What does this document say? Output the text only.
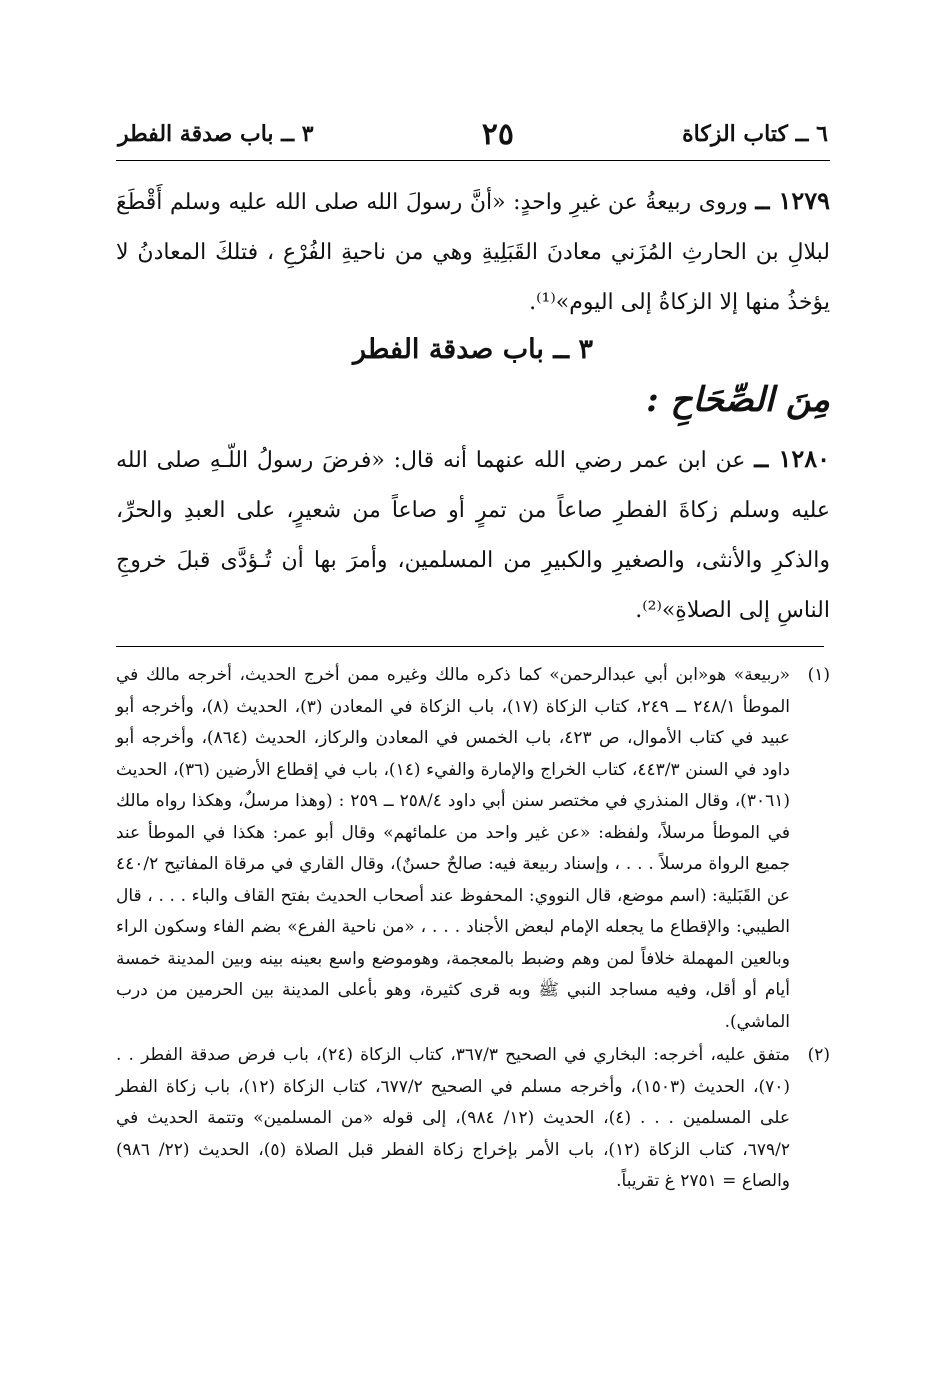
٦ ــ كتاب الزكاة
٢٥
٣ ــ باب صدقة الفطر
١٢٧٩ ــ وروى ربيعةُ عن غيرِ واحدٍ: «أنَّ رسولَ الله صلى الله عليه وسلم أَقْطَعَ لبلالِ بن الحارثِ المُزَني معادنَ القَبَلِيةِ وهي من ناحيةِ الفُرْعِ ، فتلكَ المعادنُ لا يؤخذُ منها إلا الزكاةُ إلى اليوم»⁽¹⁾.
٣ ــ باب صدقة الفطر
مِنَ الصِّحَاحِ :
١٢٨٠ ــ عن ابن عمر رضي الله عنهما أنه قال: «فرضَ رسولُ اللّـهِ صلى الله عليه وسلم زكاةَ الفطرِ صاعاً من تمرٍ أو صاعاً من شعيرٍ، على العبدِ والحرِّ، والذكرِ والأنثى، والصغيرِ والكبيرِ من المسلمين، وأمرَ بها أن تُـؤدَّى قبلَ خروجِ الناسِ إلى الصلاةِ»⁽²⁾.
(١)
«ربيعة» هو«ابن أبي عبدالرحمن» كما ذكره مالك وغيره ممن أخرج الحديث، أخرجه مالك في الموطأ ٢٤٨/١ ــ ٢٤٩، كتاب الزكاة (١٧)، باب الزكاة في المعادن (٣)، الحديث (٨)، وأخرجه أبو عبيد في كتاب الأموال، ص ٤٢٣، باب الخمس في المعادن والركاز، الحديث (٨٦٤)، وأخرجه أبو داود في السنن ٤٤٣/٣، كتاب الخراج والإمارة والفيء (١٤)، باب في إقطاع الأرضين (٣٦)، الحديث (٣٠٦١)، وقال المنذري في مختصر سنن أبي داود ٢٥٨/٤ ــ ٢٥٩ : (وهذا مرسلٌ، وهكذا رواه مالك في الموطأ مرسلاً، ولفظه: «عن غير واحد من علمائهم» وقال أبو عمر: هكذا في الموطأ عند جميع الرواة مرسلاً . . . ، وإسناد ربيعة فيه: صالحٌ حسنٌ)، وقال القاري في مرقاة المفاتيح ٤٤٠/٢ عن القَبَلية: (اسم موضع، قال النووي: المحفوظ عند أصحاب الحديث بفتح القاف والباء . . . ، قال الطيبي: والإقطاع ما يجعله الإمام لبعض الأجناد . . . ، «من ناحية الفرع» بضم الفاء وسكون الراء وبالعين المهملة خلافاً لمن وهم وضبط بالمعجمة، وهوموضع واسع بعينه بينه وبين المدينة خمسة أيام أو أقل، وفيه مساجد النبي ﷺ وبه قرى كثيرة، وهو بأعلى المدينة بين الحرمين من درب الماشي).
(٢)
متفق عليه، أخرجه: البخاري في الصحيح ٣٦٧/٣، كتاب الزكاة (٢٤)، باب فرض صدقة الفطر . . (٧٠)، الحديث (١٥٠٣)، وأخرجه مسلم في الصحيح ٦٧٧/٢، كتاب الزكاة (١٢)، باب زكاة الفطر على المسلمين . . . (٤)، الحديث (١٢/ ٩٨٤)، إلى قوله «من المسلمين» وتتمة الحديث في ٦٧٩/٢، كتاب الزكاة (١٢)، باب الأمر بإخراج زكاة الفطر قبل الصلاة (٥)، الحديث (٢٢/ ٩٨٦) والصاع = ٢٧٥١ غ تقريباً.
